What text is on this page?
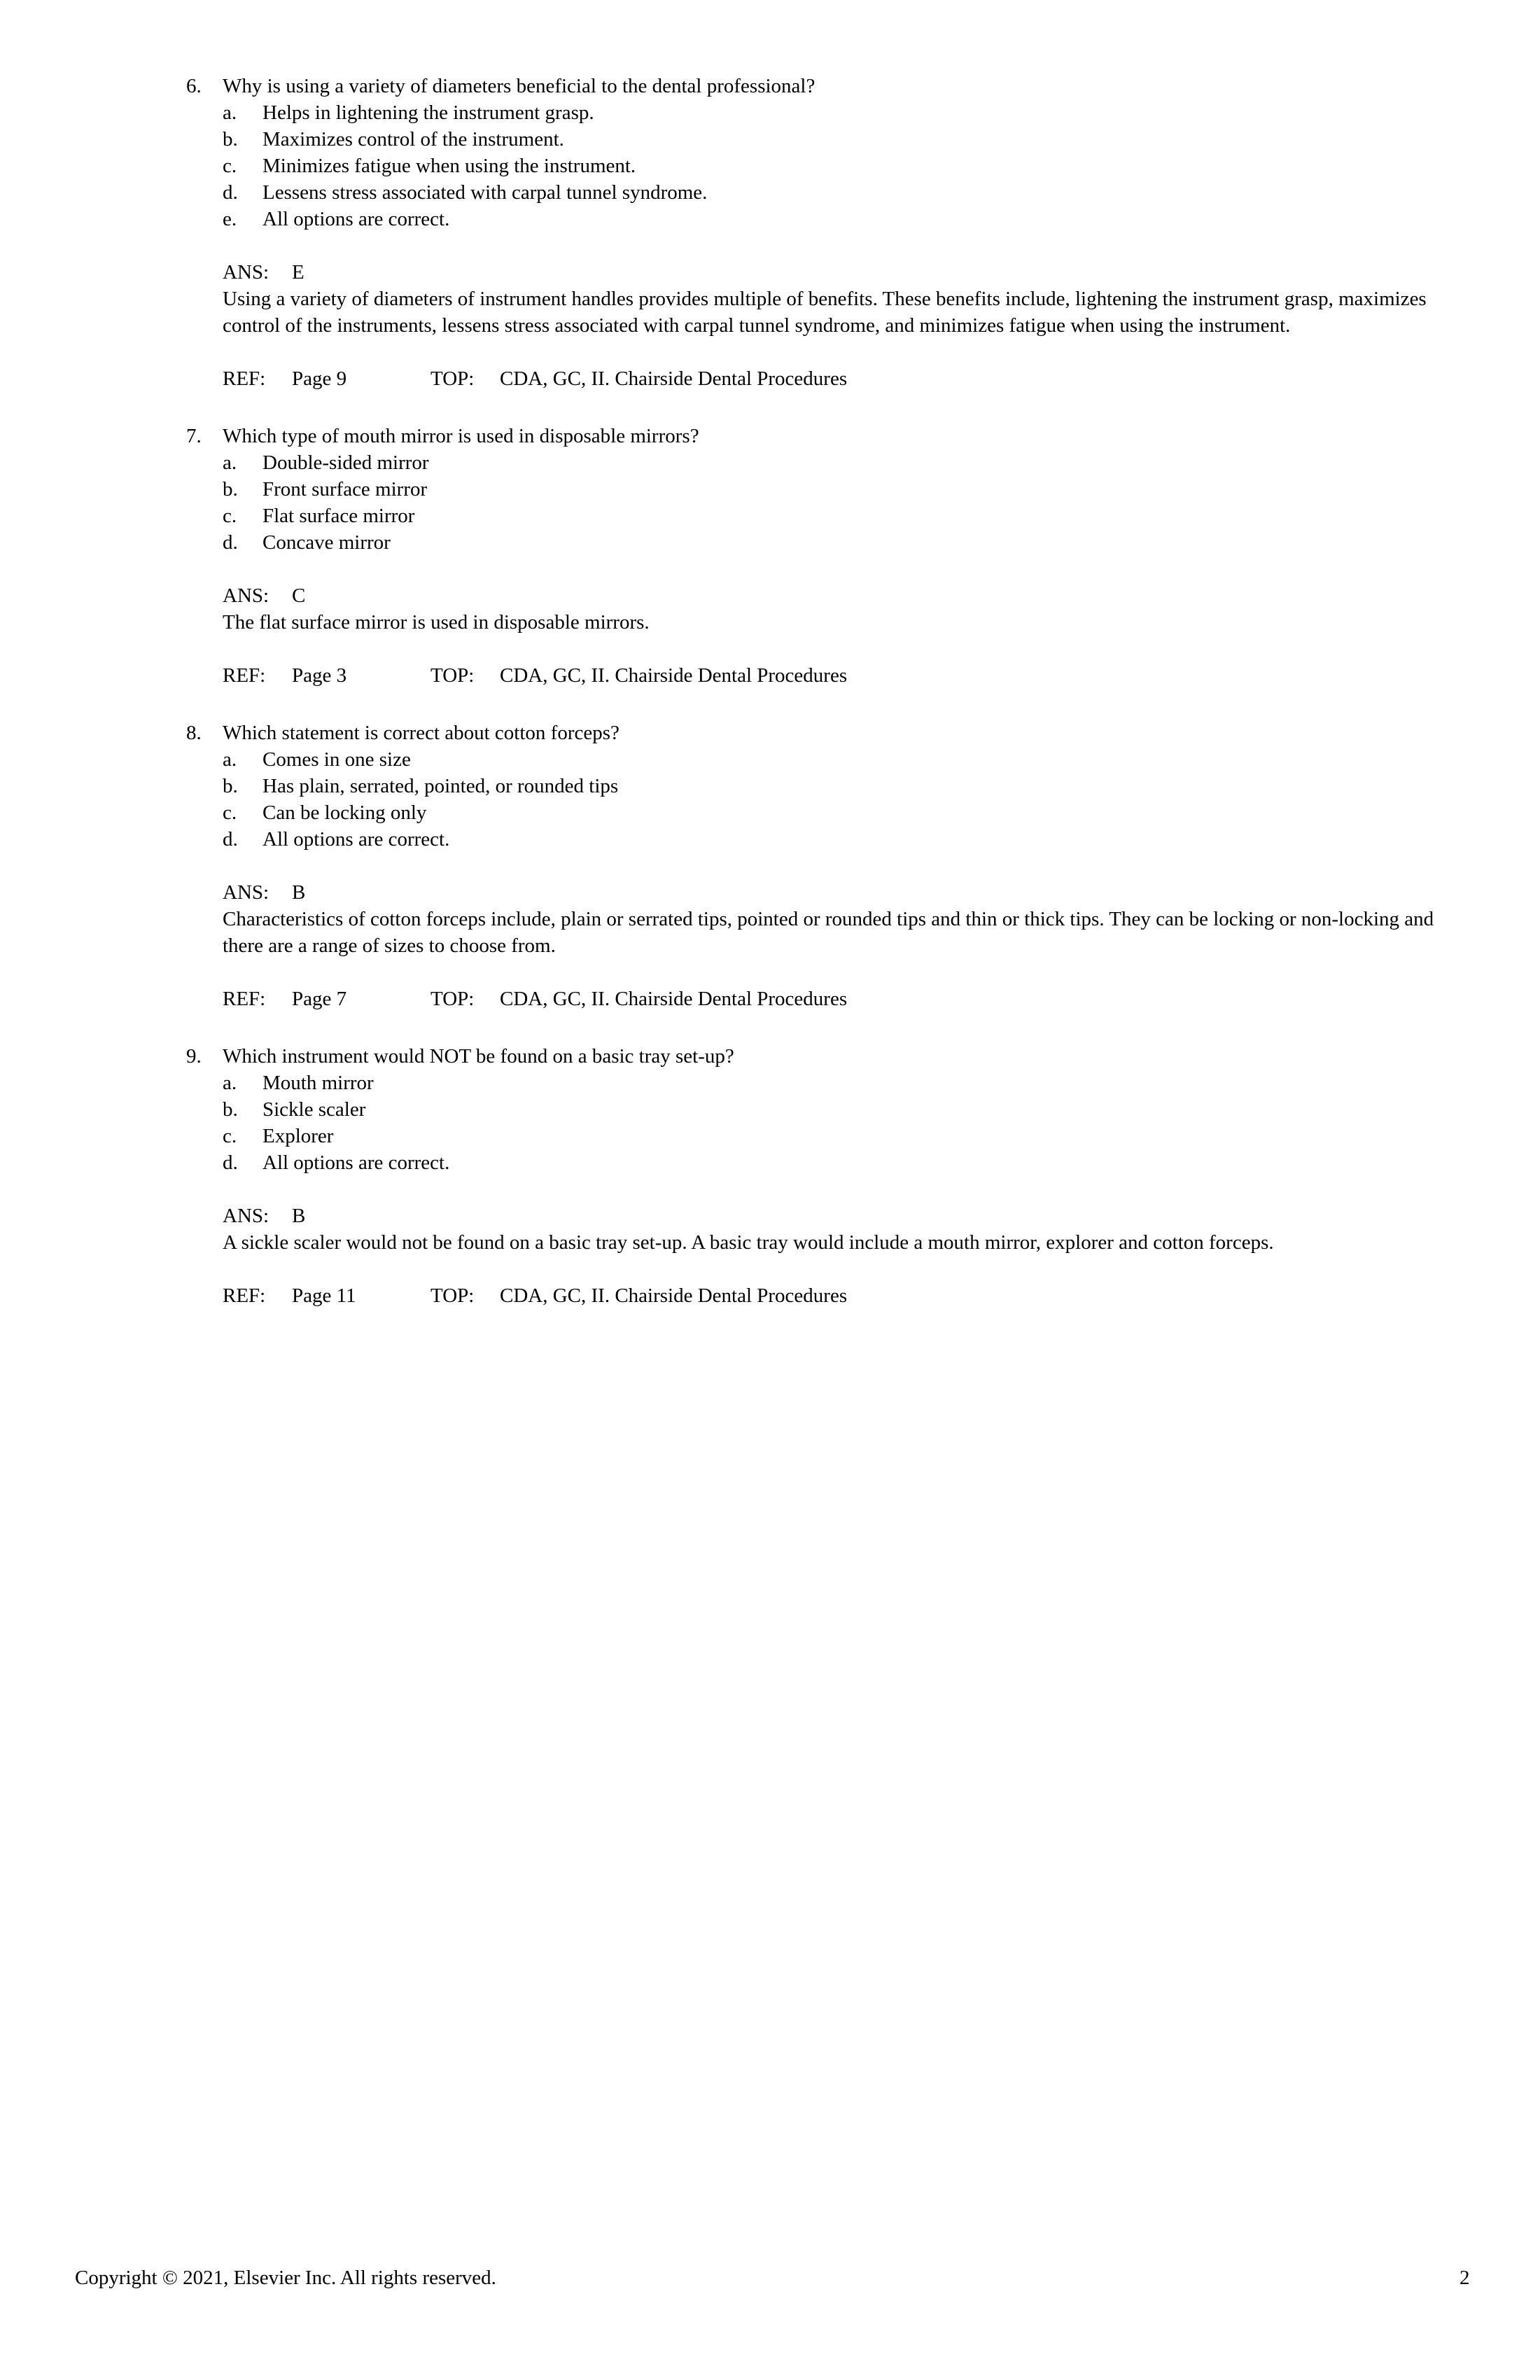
6.	Why is using a variety of diameters beneficial to the dental professional?
a.	Helps in lightening the instrument grasp.
b.	Maximizes control of the instrument.
c.	Minimizes fatigue when using the instrument.
d.	Lessens stress associated with carpal tunnel syndrome.
e.	All options are correct.
ANS: E
Using a variety of diameters of instrument handles provides multiple of benefits. These benefits include, lightening the instrument grasp, maximizes control of the instruments, lessens stress associated with carpal tunnel syndrome, and minimizes fatigue when using the instrument.
REF:	Page 9	TOP:	CDA, GC, II. Chairside Dental Procedures
7.	Which type of mouth mirror is used in disposable mirrors?
a.	Double-sided mirror
b.	Front surface mirror
c.	Flat surface mirror
d.	Concave mirror
ANS: C
The flat surface mirror is used in disposable mirrors.
REF:	Page 3	TOP:	CDA, GC, II. Chairside Dental Procedures
8.	Which statement is correct about cotton forceps?
a.	Comes in one size
b.	Has plain, serrated, pointed, or rounded tips
c.	Can be locking only
d.	All options are correct.
ANS: B
Characteristics of cotton forceps include, plain or serrated tips, pointed or rounded tips and thin or thick tips. They can be locking or non-locking and there are a range of sizes to choose from.
REF:	Page 7	TOP:	CDA, GC, II. Chairside Dental Procedures
9.	Which instrument would NOT be found on a basic tray set-up?
a.	Mouth mirror
b.	Sickle scaler
c.	Explorer
d.	All options are correct.
ANS: B
A sickle scaler would not be found on a basic tray set-up. A basic tray would include a mouth mirror, explorer and cotton forceps.
REF:	Page 11	TOP:	CDA, GC, II. Chairside Dental Procedures
Copyright © 2021, Elsevier Inc. All rights reserved.	2
